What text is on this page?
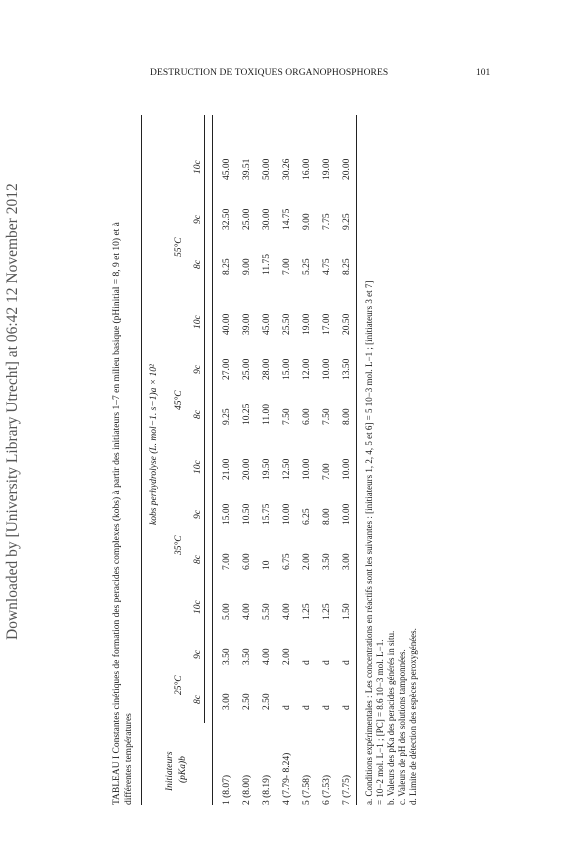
Downloaded by [University Library Utrecht] at 06:42 12 November 2012
DESTRUCTION DE TOXIQUES ORGANOPHOSPHORES	101
TABLEAU I Constantes cinétiques de formation des peracides complexes (kobs) à partir des initiateurs 1–7 en milieu basique (pHinitial = 8, 9 et 10) et à différentes températures
kobs perhydrolyse (L. mol−1. s−1)a × 10²
Initiateurs (pKa)b
25°C
35°C
45°C
55°C
8c
9c
10c
8c
9c
10c
8c
9c
10c
8c
9c
10c
1 (8.07)
3.00
3.50
5.00
7.00
15.00
21.00
9.25
27.00
40.00
8.25
32.50
45.00
2 (8.00)
2.50
3.50
4.00
6.00
10.50
20.00
10.25
25.00
39.00
9.00
25.00
39.51
3 (8.19)
2.50
4.00
5.50
10
15.75
19.50
11.00
28.00
45.00
11.75
30.00
50.00
4 (7.79- 8.24)
d
2.00
4.00
6.75
10.00
12.50
7.50
15.00
25.50
7.00
14.75
30.26
5 (7.58)
d
d
1.25
2.00
6.25
10.00
6.00
12.00
19.00
5.25
9.00
16.00
6 (7.53)
d
d
1.25
3.50
8.00
7.00
7.50
10.00
17.00
4.75
7.75
19.00
7 (7.75)
d
d
1.50
3.00
10.00
10.00
8.00
13.50
20.50
8.25
9.25
20.00
a. Conditions expérimentales : Les concentrations en réactifs sont les suivantes : [initiateurs 1, 2, 4, 5 et 6] = 5 10−3 mol. L−1 ; [initiateurs 3 et 7] = 10−2 mol. L−1 ; [PC] = 8.6 10−3 mol. L−1. b. Valeurs des pKa des peracides générés in situ. c. Valeurs de pH des solutions tamponnées. d. Limite de détection des espèces peroxygénées.
